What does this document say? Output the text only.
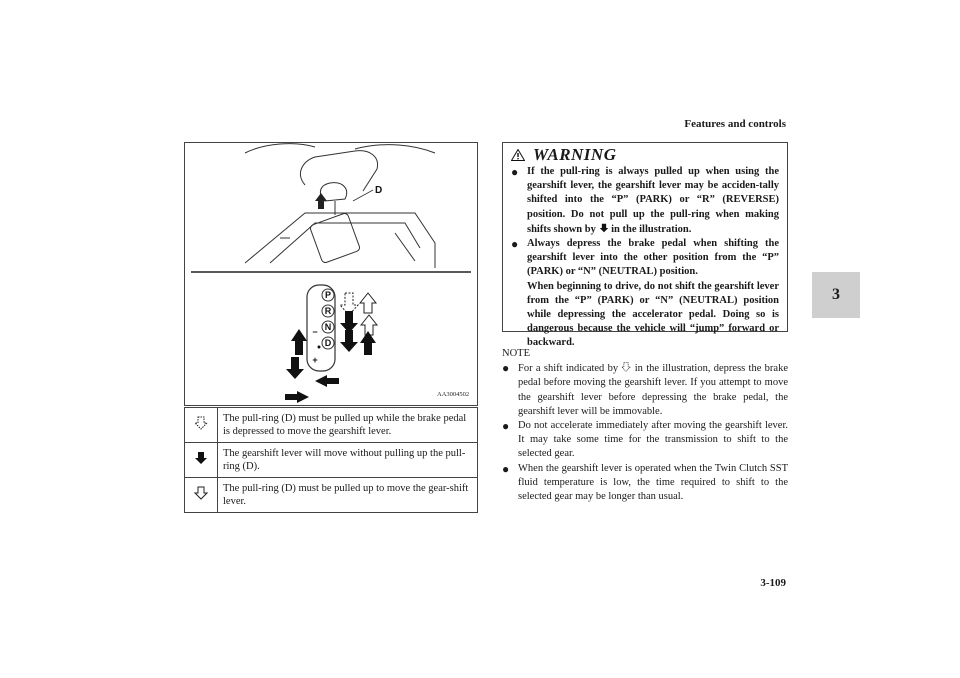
Features and controls
3
3-109
D
P
R
N
D
−
+
AA3004502
	The pull-ring (D) must be pulled up while the brake pedal is depressed to move the gearshift lever.
	The gearshift lever will move without pulling up the pull-ring (D).
	The pull-ring (D) must be pulled up to move the gear-shift lever.
WARNING
● If the pull-ring is always pulled up when using the gearshift lever, the gearshift lever may be acciden-tally shifted into the “P” (PARK) or “R” (REVERSE) position. Do not pull up the pull-ring when making shifts shown by in the illustration.
● Always depress the brake pedal when shifting the gearshift lever into the other position from the “P” (PARK) or “N” (NEUTRAL) position.
When beginning to drive, do not shift the gearshift lever from the “P” (PARK) or “N” (NEUTRAL) position while depressing the accelerator pedal. Doing so is dangerous because the vehicle will “jump” forward or backward.
NOTE
● For a shift indicated by in the illustration, depress the brake pedal before moving the gearshift lever. If you attempt to move the gearshift lever before depressing the brake pedal, the gearshift lever will be immovable.
● Do not accelerate immediately after moving the gearshift lever. It may take some time for the transmission to shift to the selected gear.
● When the gearshift lever is operated when the Twin Clutch SST fluid temperature is low, the time required to shift to the selected gear may be longer than usual.
